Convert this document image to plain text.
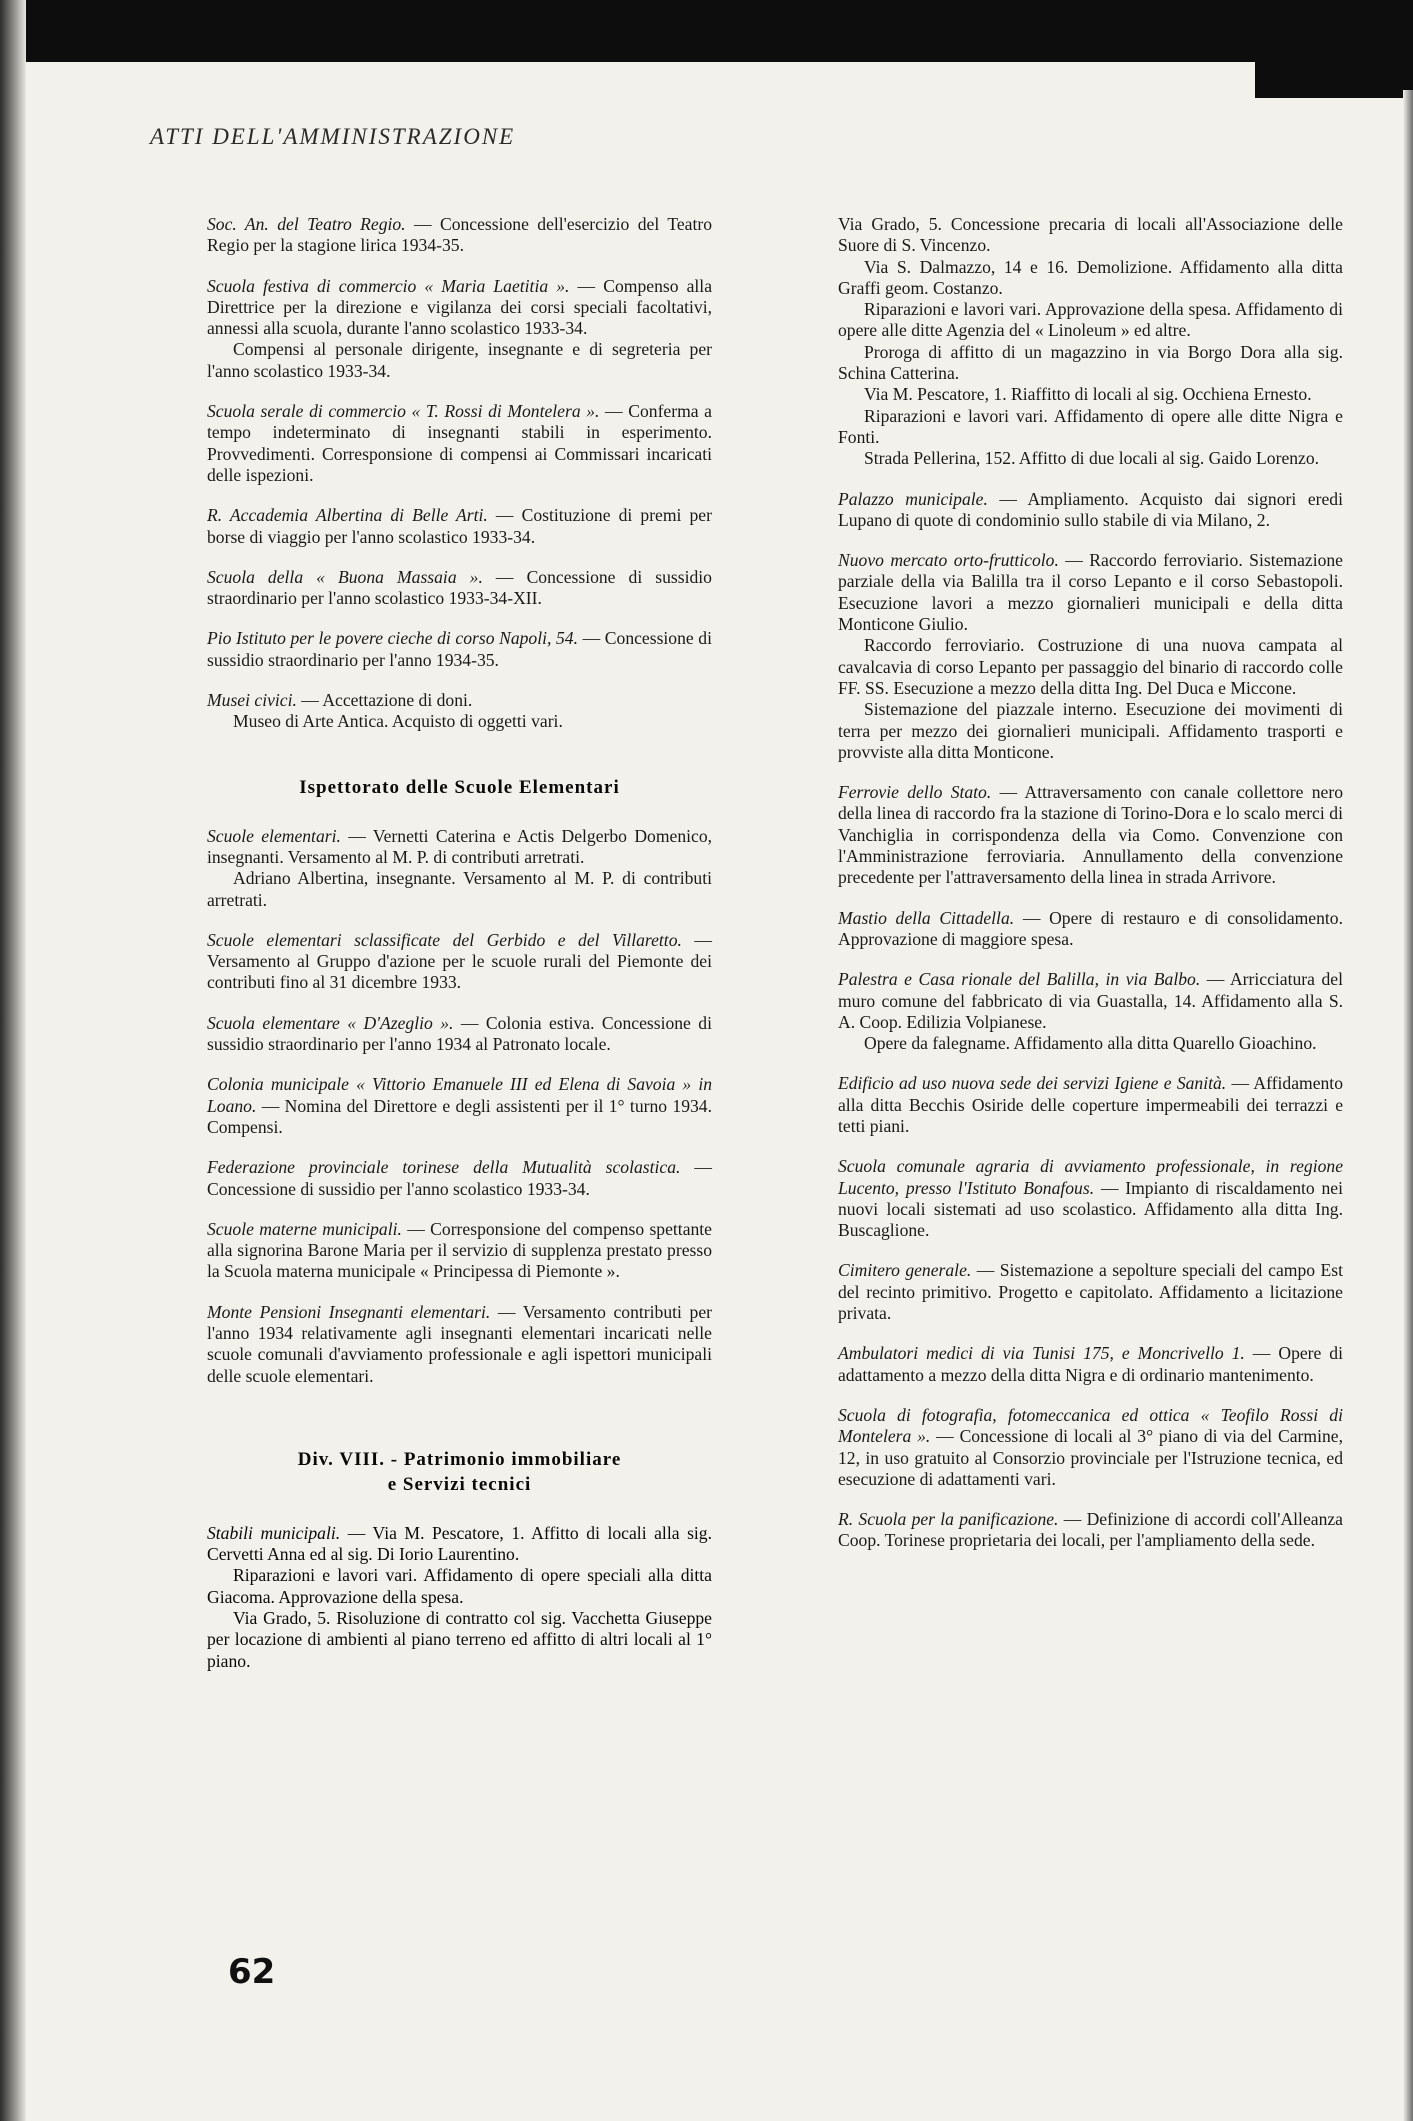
ATTI DELL'AMMINISTRAZIONE

Soc. An. del Teatro Regio. — Concessione dell'esercizio del Teatro Regio per la stagione lirica 1934-35.

Scuola festiva di commercio « Maria Laetitia ». — Compenso alla Direttrice per la direzione e vigilanza dei corsi speciali facoltativi, annessi alla scuola, durante l'anno scolastico 1933-34.

Compensi al personale dirigente, insegnante e di segreteria per l'anno scolastico 1933-34.

Scuola serale di commercio « T. Rossi di Montelera ». — Conferma a tempo indeterminato di insegnanti stabili in esperimento. Provvedimenti. Corresponsione di compensi ai Commissari incaricati delle ispezioni.

R. Accademia Albertina di Belle Arti. — Costituzione di premi per borse di viaggio per l'anno scolastico 1933-34.

Scuola della « Buona Massaia ». — Concessione di sussidio straordinario per l'anno scolastico 1933-34-XII.

Pio Istituto per le povere cieche di corso Napoli, 54. — Concessione di sussidio straordinario per l'anno 1934-35.

Musei civici. — Accettazione di doni.

Museo di Arte Antica. Acquisto di oggetti vari.

Ispettorato delle Scuole Elementari

Scuole elementari. — Vernetti Caterina e Actis Delgerbo Domenico, insegnanti. Versamento al M. P. di contributi arretrati.

Adriano Albertina, insegnante. Versamento al M. P. di contributi arretrati.

Scuole elementari sclassificate del Gerbido e del Villaretto. — Versamento al Gruppo d'azione per le scuole rurali del Piemonte dei contributi fino al 31 dicembre 1933.

Scuola elementare « D'Azeglio ». — Colonia estiva. Concessione di sussidio straordinario per l'anno 1934 al Patronato locale.

Colonia municipale « Vittorio Emanuele III ed Elena di Savoia » in Loano. — Nomina del Direttore e degli assistenti per il 1° turno 1934. Compensi.

Federazione provinciale torinese della Mutualità scolastica. — Concessione di sussidio per l'anno scolastico 1933-34.

Scuole materne municipali. — Corresponsione del compenso spettante alla signorina Barone Maria per il servizio di supplenza prestato presso la Scuola materna municipale « Principessa di Piemonte ».

Monte Pensioni Insegnanti elementari. — Versamento contributi per l'anno 1934 relativamente agli insegnanti elementari incaricati nelle scuole comunali d'avviamento professionale e agli ispettori municipali delle scuole elementari.

Div. VIII. - Patrimonio immobiliare
e Servizi tecnici

Stabili municipali. — Via M. Pescatore, 1. Affitto di locali alla sig. Cervetti Anna ed al sig. Di Iorio Laurentino.

Riparazioni e lavori vari. Affidamento di opere speciali alla ditta Giacoma. Approvazione della spesa.

Via Grado, 5. Risoluzione di contratto col sig. Vacchetta Giuseppe per locazione di ambienti al piano terreno ed affitto di altri locali al 1° piano.

Via Grado, 5. Concessione precaria di locali all'Associazione delle Suore di S. Vincenzo.

Via S. Dalmazzo, 14 e 16. Demolizione. Affidamento alla ditta Graffi geom. Costanzo.

Riparazioni e lavori vari. Approvazione della spesa. Affidamento di opere alle ditte Agenzia del « Linoleum » ed altre.

Proroga di affitto di un magazzino in via Borgo Dora alla sig. Schina Catterina.

Via M. Pescatore, 1. Riaffitto di locali al sig. Occhiena Ernesto.

Riparazioni e lavori vari. Affidamento di opere alle ditte Nigra e Fonti.

Strada Pellerina, 152. Affitto di due locali al sig. Gaido Lorenzo.

Palazzo municipale. — Ampliamento. Acquisto dai signori eredi Lupano di quote di condominio sullo stabile di via Milano, 2.

Nuovo mercato orto-frutticolo. — Raccordo ferroviario. Sistemazione parziale della via Balilla tra il corso Lepanto e il corso Sebastopoli. Esecuzione lavori a mezzo giornalieri municipali e della ditta Monticone Giulio.

Raccordo ferroviario. Costruzione di una nuova campata al cavalcavia di corso Lepanto per passaggio del binario di raccordo colle FF. SS. Esecuzione a mezzo della ditta Ing. Del Duca e Miccone.

Sistemazione del piazzale interno. Esecuzione dei movimenti di terra per mezzo dei giornalieri municipali. Affidamento trasporti e provviste alla ditta Monticone.

Ferrovie dello Stato. — Attraversamento con canale collettore nero della linea di raccordo fra la stazione di Torino-Dora e lo scalo merci di Vanchiglia in corrispondenza della via Como. Convenzione con l'Amministrazione ferroviaria. Annullamento della convenzione precedente per l'attraversamento della linea in strada Arrivore.

Mastio della Cittadella. — Opere di restauro e di consolidamento. Approvazione di maggiore spesa.

Palestra e Casa rionale del Balilla, in via Balbo. — Arricciatura del muro comune del fabbricato di via Guastalla, 14. Affidamento alla S. A. Coop. Edilizia Volpianese.

Opere da falegname. Affidamento alla ditta Quarello Gioachino.

Edificio ad uso nuova sede dei servizi Igiene e Sanità. — Affidamento alla ditta Becchis Osiride delle coperture impermeabili dei terrazzi e tetti piani.

Scuola comunale agraria di avviamento professionale, in regione Lucento, presso l'Istituto Bonafous. — Impianto di riscaldamento nei nuovi locali sistemati ad uso scolastico. Affidamento alla ditta Ing. Buscaglione.

Cimitero generale. — Sistemazione a sepolture speciali del campo Est del recinto primitivo. Progetto e capitolato. Affidamento a licitazione privata.

Ambulatori medici di via Tunisi 175, e Moncrivello 1. — Opere di adattamento a mezzo della ditta Nigra e di ordinario mantenimento.

Scuola di fotografia, fotomeccanica ed ottica « Teofilo Rossi di Montelera ». — Concessione di locali al 3° piano di via del Carmine, 12, in uso gratuito al Consorzio provinciale per l'Istruzione tecnica, ed esecuzione di adattamenti vari.

R. Scuola per la panificazione. — Definizione di accordi coll'Alleanza Coop. Torinese proprietaria dei locali, per l'ampliamento della sede.

62
